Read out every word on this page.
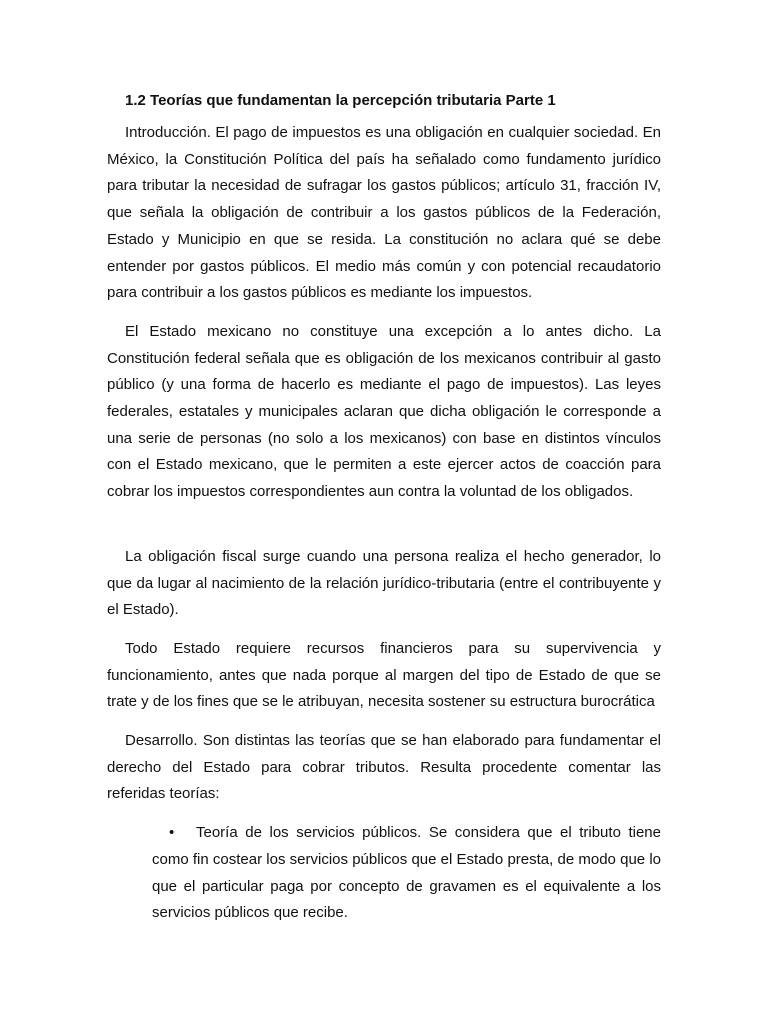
1.2 Teorías que fundamentan la percepción tributaria Parte 1

Introducción. El pago de impuestos es una obligación en cualquier sociedad. En México, la Constitución Política del país ha señalado como fundamento jurídico para tributar la necesidad de sufragar los gastos públicos; artículo 31, fracción IV, que señala la obligación de contribuir a los gastos públicos de la Federación, Estado y Municipio en que se resida. La constitución no aclara qué se debe entender por gastos públicos. El medio más común y con potencial recaudatorio para contribuir a los gastos públicos es mediante los impuestos.

El Estado mexicano no constituye una excepción a lo antes dicho. La Constitución federal señala que es obligación de los mexicanos contribuir al gasto público (y una forma de hacerlo es mediante el pago de impuestos). Las leyes federales, estatales y municipales aclaran que dicha obligación le corresponde a una serie de personas (no solo a los mexicanos) con base en distintos vínculos con el Estado mexicano, que le permiten a este ejercer actos de coacción para cobrar los impuestos correspondientes aun contra la voluntad de los obligados.

La obligación fiscal surge cuando una persona realiza el hecho generador, lo que da lugar al nacimiento de la relación jurídico-tributaria (entre el contribuyente y el Estado).

Todo Estado requiere recursos financieros para su supervivencia y funcionamiento, antes que nada porque al margen del tipo de Estado de que se trate y de los fines que se le atribuyan, necesita sostener su estructura burocrática

Desarrollo. Son distintas las teorías que se han elaborado para fundamentar el derecho del Estado para cobrar tributos. Resulta procedente comentar las referidas teorías:

• Teoría de los servicios públicos. Se considera que el tributo tiene como fin costear los servicios públicos que el Estado presta, de modo que lo que el particular paga por concepto de gravamen es el equivalente a los servicios públicos que recibe.
